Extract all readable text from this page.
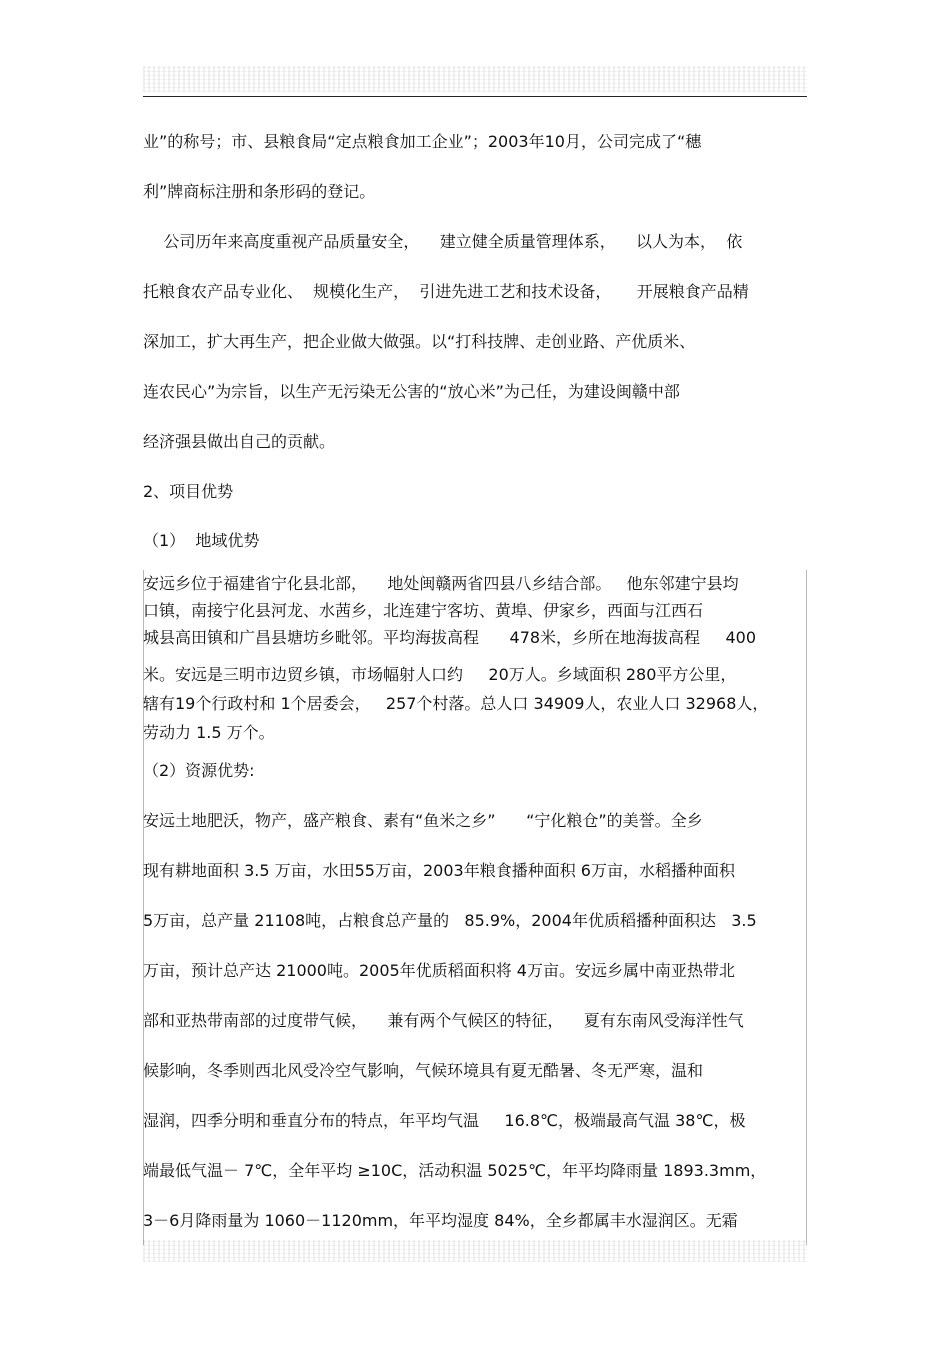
业”的称号；市、县粮食局“定点粮食加工企业”；2003年10月，公司完成了“穗
利”牌商标注册和条形码的登记。
公司历年来高度重视产品质量安全，    建立健全质量管理体系，    以人为本，  依
托粮食农产品专业化、  规模化生产，  引进先进工艺和技术设备，     开展粮食产品精
深加工，扩大再生产，把企业做大做强。以“打科技牌、走创业路、产优质米、
连农民心”为宗旨，以生产无污染无公害的“放心米”为己任，为建设闽赣中部
经济强县做出自己的贡献。
2、项目优势
（1）  地域优势
安远乡位于福建省宁化县北部，    地处闽赣两省四县八乡结合部。   他东邻建宁县均
口镇，南接宁化县河龙、水茜乡，北连建宁客坊、黄埠、伊家乡，西面与江西石
城县高田镇和广昌县塘坊乡毗邻。平均海拔高程      478米，乡所在地海拔高程     400
米。安远是三明市边贸乡镇，市场幅射人口约     20万人。乡域面积 280平方公里，
辖有19个行政村和 1个居委会，   257个村落。总人口 34909人，农业人口 32968人，
劳动力 1.5 万个。
（2）资源优势:
安远土地肥沃，物产，盛产粮食、素有“鱼米之乡”      “宁化粮仓”的美誉。全乡
现有耕地面积 3.5 万亩，水田55万亩，2003年粮食播种面积 6万亩，水稻播种面积
5万亩，总产量 21108吨，占粮食总产量的   85.9%，2004年优质稻播种面积达   3.5
万亩，预计总产达 21000吨。2005年优质稻面积将 4万亩。安远乡属中南亚热带北
部和亚热带南部的过度带气候，    兼有两个气候区的特征，    夏有东南风受海洋性气
候影响，冬季则西北风受冷空气影响，气候环境具有夏无酷暑、冬无严寒，温和
湿润，四季分明和垂直分布的特点，年平均气温     16.8℃，极端最高气温 38℃，极
端最低气温－ 7℃，全年平均 ≥10C，活动积温 5025℃，年平均降雨量 1893.3mm，
3－6月降雨量为 1060－1120mm，年平均湿度 84%，全乡都属丰水湿润区。无霜
